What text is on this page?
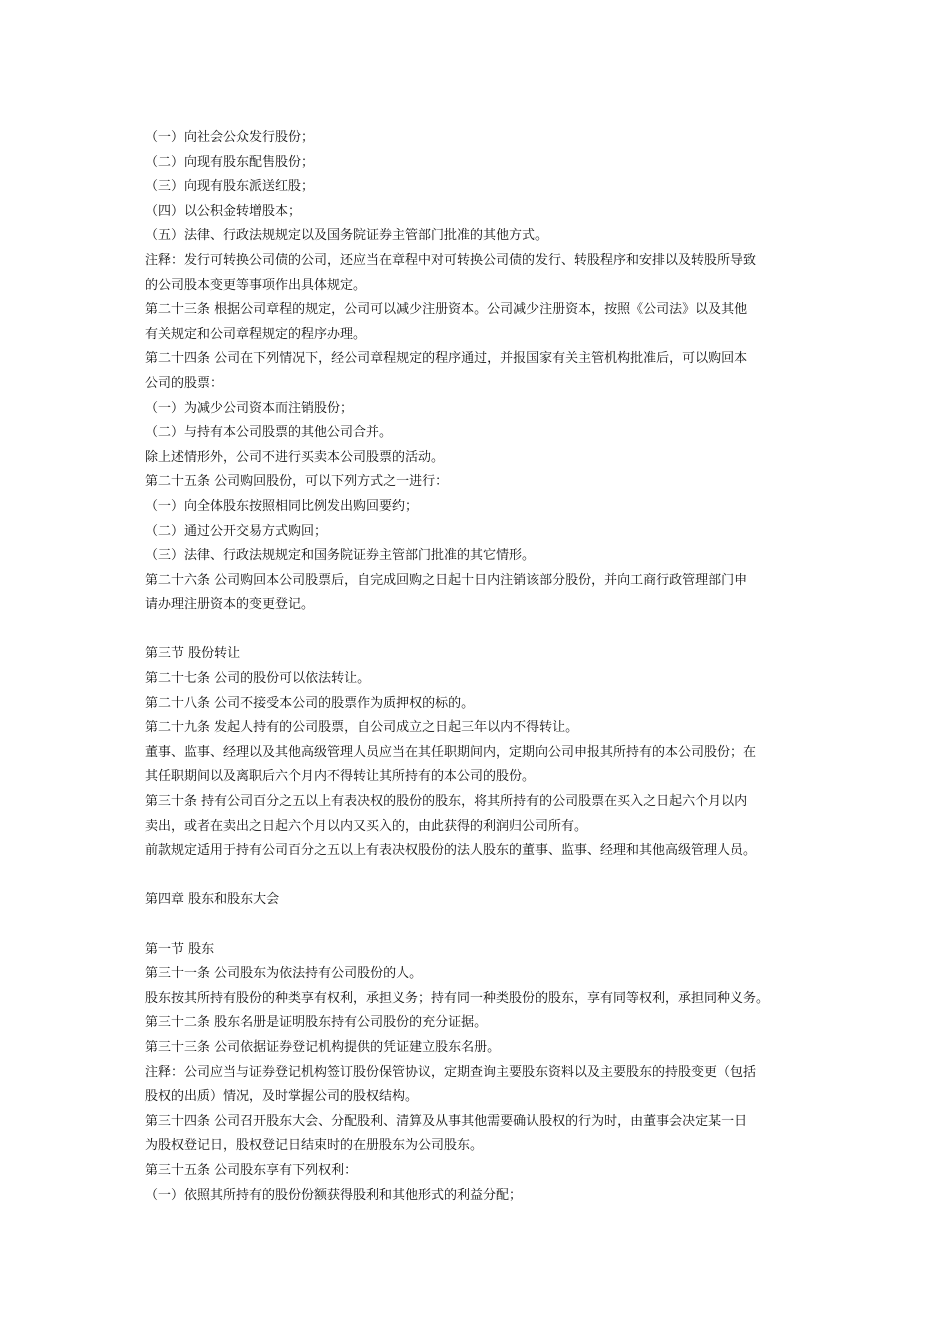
（一）向社会公众发行股份；
（二）向现有股东配售股份；
（三）向现有股东派送红股；
（四）以公积金转增股本；
（五）法律、行政法规规定以及国务院证券主管部门批准的其他方式。
注释：发行可转换公司债的公司，还应当在章程中对可转换公司债的发行、转股程序和安排以及转股所导致
的公司股本变更等事项作出具体规定。
第二十三条 根据公司章程的规定，公司可以减少注册资本。公司减少注册资本，按照《公司法》以及其他
有关规定和公司章程规定的程序办理。
第二十四条 公司在下列情况下，经公司章程规定的程序通过，并报国家有关主管机构批准后，可以购回本
公司的股票：
（一）为减少公司资本而注销股份；
（二）与持有本公司股票的其他公司合并。
除上述情形外，公司不进行买卖本公司股票的活动。
第二十五条 公司购回股份，可以下列方式之一进行：
（一）向全体股东按照相同比例发出购回要约；
（二）通过公开交易方式购回；
（三）法律、行政法规规定和国务院证券主管部门批准的其它情形。
第二十六条 公司购回本公司股票后，自完成回购之日起十日内注销该部分股份，并向工商行政管理部门申
请办理注册资本的变更登记。
第三节 股份转让
第二十七条 公司的股份可以依法转让。
第二十八条 公司不接受本公司的股票作为质押权的标的。
第二十九条 发起人持有的公司股票，自公司成立之日起三年以内不得转让。
董事、监事、经理以及其他高级管理人员应当在其任职期间内，定期向公司申报其所持有的本公司股份；在
其任职期间以及离职后六个月内不得转让其所持有的本公司的股份。
第三十条 持有公司百分之五以上有表决权的股份的股东，将其所持有的公司股票在买入之日起六个月以内
卖出，或者在卖出之日起六个月以内又买入的，由此获得的利润归公司所有。
前款规定适用于持有公司百分之五以上有表决权股份的法人股东的董事、监事、经理和其他高级管理人员。
第四章 股东和股东大会
第一节 股东
第三十一条 公司股东为依法持有公司股份的人。
股东按其所持有股份的种类享有权利，承担义务；持有同一种类股份的股东，享有同等权利，承担同种义务。
第三十二条 股东名册是证明股东持有公司股份的充分证据。
第三十三条 公司依据证券登记机构提供的凭证建立股东名册。
注释：公司应当与证券登记机构签订股份保管协议，定期查询主要股东资料以及主要股东的持股变更（包括
股权的出质）情况，及时掌握公司的股权结构。
第三十四条 公司召开股东大会、分配股利、清算及从事其他需要确认股权的行为时，由董事会决定某一日
为股权登记日，股权登记日结束时的在册股东为公司股东。
第三十五条 公司股东享有下列权利：
（一）依照其所持有的股份份额获得股利和其他形式的利益分配；
